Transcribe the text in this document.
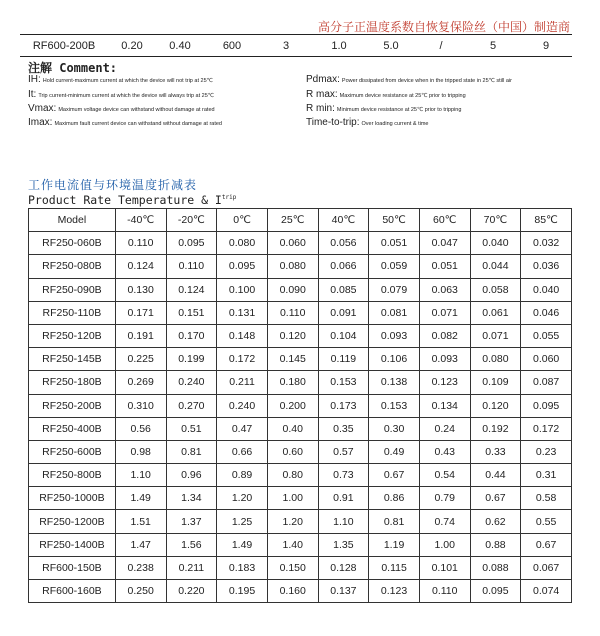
高分子正温度系数自恢复保险丝（中国）制造商
RF600-200B	0.20	0.40	600	3	1.0	5.0	/	5	9
注解 Comment:
IH: Hold current-maximum current at which the device will not trip at 25℃
It: Trip current-minimum current at which the device will always trip at 25℃
Vmax: Maximum voltage device can withstand without damage at rated
Imax: Maximum fault current device can withstand without damage at rated
Pdmax: Power dissipated from device when in the tripped state in 25℃ still air
R max: Maximum device resistance at 25℃ prior to tripping
R min: Minimum device resistance at 25℃ prior to tripping
Time-to-trip: Over loading current & time
工作电流值与环境温度折减表
Product Rate Temperature & $I^{trip}$
Model	-40℃	-20℃	0℃	25℃	40℃	50℃	60℃	70℃	85℃
RF250-060B	0.110	0.095	0.080	0.060	0.056	0.051	0.047	0.040	0.032
RF250-080B	0.124	0.110	0.095	0.080	0.066	0.059	0.051	0.044	0.036
RF250-090B	0.130	0.124	0.100	0.090	0.085	0.079	0.063	0.058	0.040
RF250-110B	0.171	0.151	0.131	0.110	0.091	0.081	0.071	0.061	0.046
RF250-120B	0.191	0.170	0.148	0.120	0.104	0.093	0.082	0.071	0.055
RF250-145B	0.225	0.199	0.172	0.145	0.119	0.106	0.093	0.080	0.060
RF250-180B	0.269	0.240	0.211	0.180	0.153	0.138	0.123	0.109	0.087
RF250-200B	0.310	0.270	0.240	0.200	0.173	0.153	0.134	0.120	0.095
RF250-400B	0.56	0.51	0.47	0.40	0.35	0.30	0.24	0.192	0.172
RF250-600B	0.98	0.81	0.66	0.60	0.57	0.49	0.43	0.33	0.23
RF250-800B	1.10	0.96	0.89	0.80	0.73	0.67	0.54	0.44	0.31
RF250-1000B	1.49	1.34	1.20	1.00	0.91	0.86	0.79	0.67	0.58
RF250-1200B	1.51	1.37	1.25	1.20	1.10	0.81	0.74	0.62	0.55
RF250-1400B	1.47	1.56	1.49	1.40	1.35	1.19	1.00	0.88	0.67
RF600-150B	0.238	0.211	0.183	0.150	0.128	0.115	0.101	0.088	0.067
RF600-160B	0.250	0.220	0.195	0.160	0.137	0.123	0.110	0.095	0.074
